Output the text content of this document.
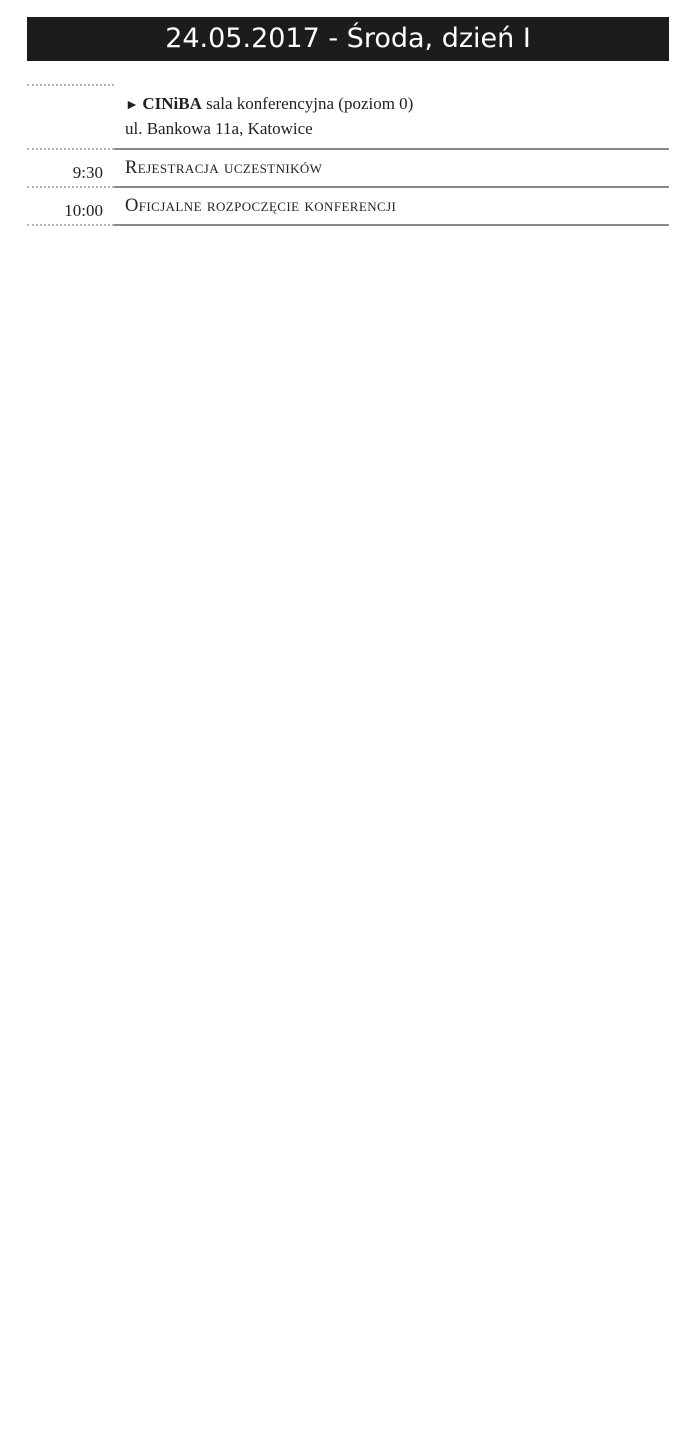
24.05.2017 - Środa, dzień I
► CINiBA sala konferencyjna (poziom 0)
ul. Bankowa 11a, Katowice
9:30 Rejestracja uczestników
10:00 Oficjalne rozpoczęcie konferencji
